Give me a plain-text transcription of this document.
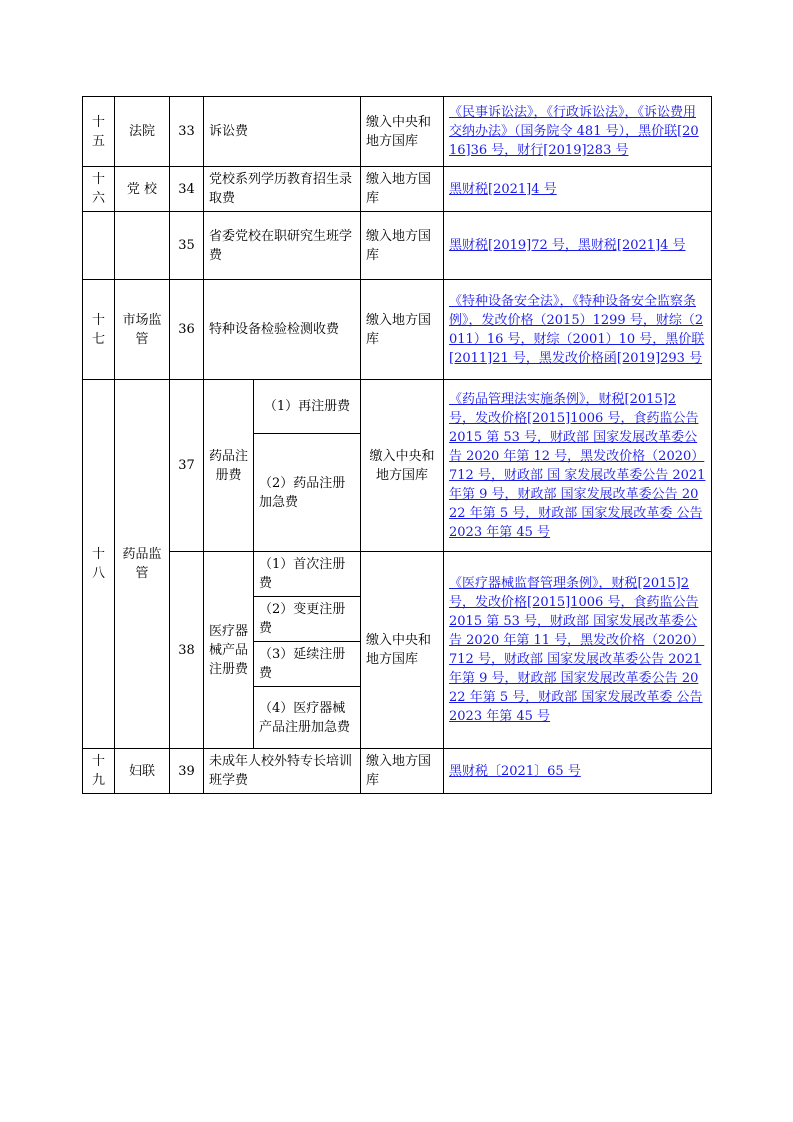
十五	法院	33	诉讼费		缴入中央和地方国库	《民事诉讼法》，《行政诉讼法》，《诉讼费用交纳办法》（国务院令 481 号），黑价联[2016]36 号，财行[2019]283 号
十六	党 校	34	党校系列学历教育招生录取费		缴入地方国库	黑财税[2021]4 号
		35	省委党校在职研究生班学费		缴入地方国库	黑财税[2019]72 号，黑财税[2021]4 号
十七	市场监管	36	特种设备检验检测收费		缴入地方国库	《特种设备安全法》，《特种设备安全监察条例》，发改价格（2015）1299 号，财综（2011）16 号，财综（2001）10 号，黑价联[2011]21 号，黑发改价格函[2019]293 号
十八	药品监管	37	药品注册费	（1）再注册费	缴入中央和地方国库	《药品管理法实施条例》，财税[2015]2 号，发改价格[2015]1006 号，食药监公告 2015 第 53 号，财政部 国家发展改革委公告 2020 年第 12 号，黑发改价格（2020）712 号，财政部 国 家发展改革委公告 2021 年第 9 号，财政部 国家发展改革委公告 2022 年第 5 号，财政部 国家发展改革委 公告 2023 年第 45 号
				（2）药品注册加急费		
		38	医疗器械产品注册费	（1）首次注册费	缴入中央和地方国库	《医疗器械监督管理条例》，财税[2015]2 号，发改价格[2015]1006 号，食药监公告 2015 第 53 号，财政部 国家发展改革委公告 2020 年第 11 号，黑发改价格（2020）712 号，财政部 国家发展改革委公告 2021 年第 9 号，财政部 国家发展改革委公告 2022 年第 5 号，财政部 国家发展改革委 公告 2023 年第 45 号
				（2）变更注册费		
				（3）延续注册费		
				（4）医疗器械产品注册加急费		
十九	妇联	39	未成年人校外特专长培训班学费		缴入地方国库	黑财税〔2021〕65 号
